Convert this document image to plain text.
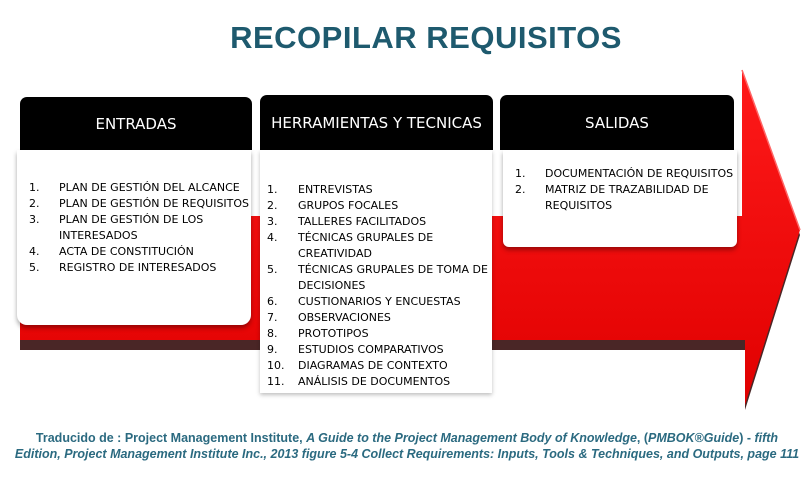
RECOPILAR REQUISITOS
ENTRADAS	HERRAMIENTAS Y TECNICAS	SALIDAS
1.	PLAN DE GESTIÓN DEL ALCANCE
2.	PLAN DE GESTIÓN DE REQUISITOS
3.	PLAN DE GESTIÓN DE LOS INTERESADOS
4.	ACTA DE CONSTITUCIÓN
5.	REGISTRO DE INTERESADOS
1.	ENTREVISTAS
2.	GRUPOS FOCALES
3.	TALLERES FACILITADOS
4.	TÉCNICAS GRUPALES DE CREATIVIDAD
5.	TÉCNICAS GRUPALES DE TOMA DE DECISIONES
6.	CUSTIONARIOS Y ENCUESTAS
7.	OBSERVACIONES
8.	PROTOTIPOS
9.	ESTUDIOS COMPARATIVOS
10.	DIAGRAMAS DE CONTEXTO
11.	ANÁLISIS DE DOCUMENTOS
1.	DOCUMENTACIÓN DE REQUISITOS
2.	MATRIZ DE TRAZABILIDAD DE REQUISITOS
Traducido de : Project Management Institute, A Guide to the Project Management Body of Knowledge, (PMBOK®Guide) - fifth Edition, Project Management Institute Inc., 2013 figure 5-4 Collect Requirements: Inputs, Tools & Techniques, and Outputs, page 111
